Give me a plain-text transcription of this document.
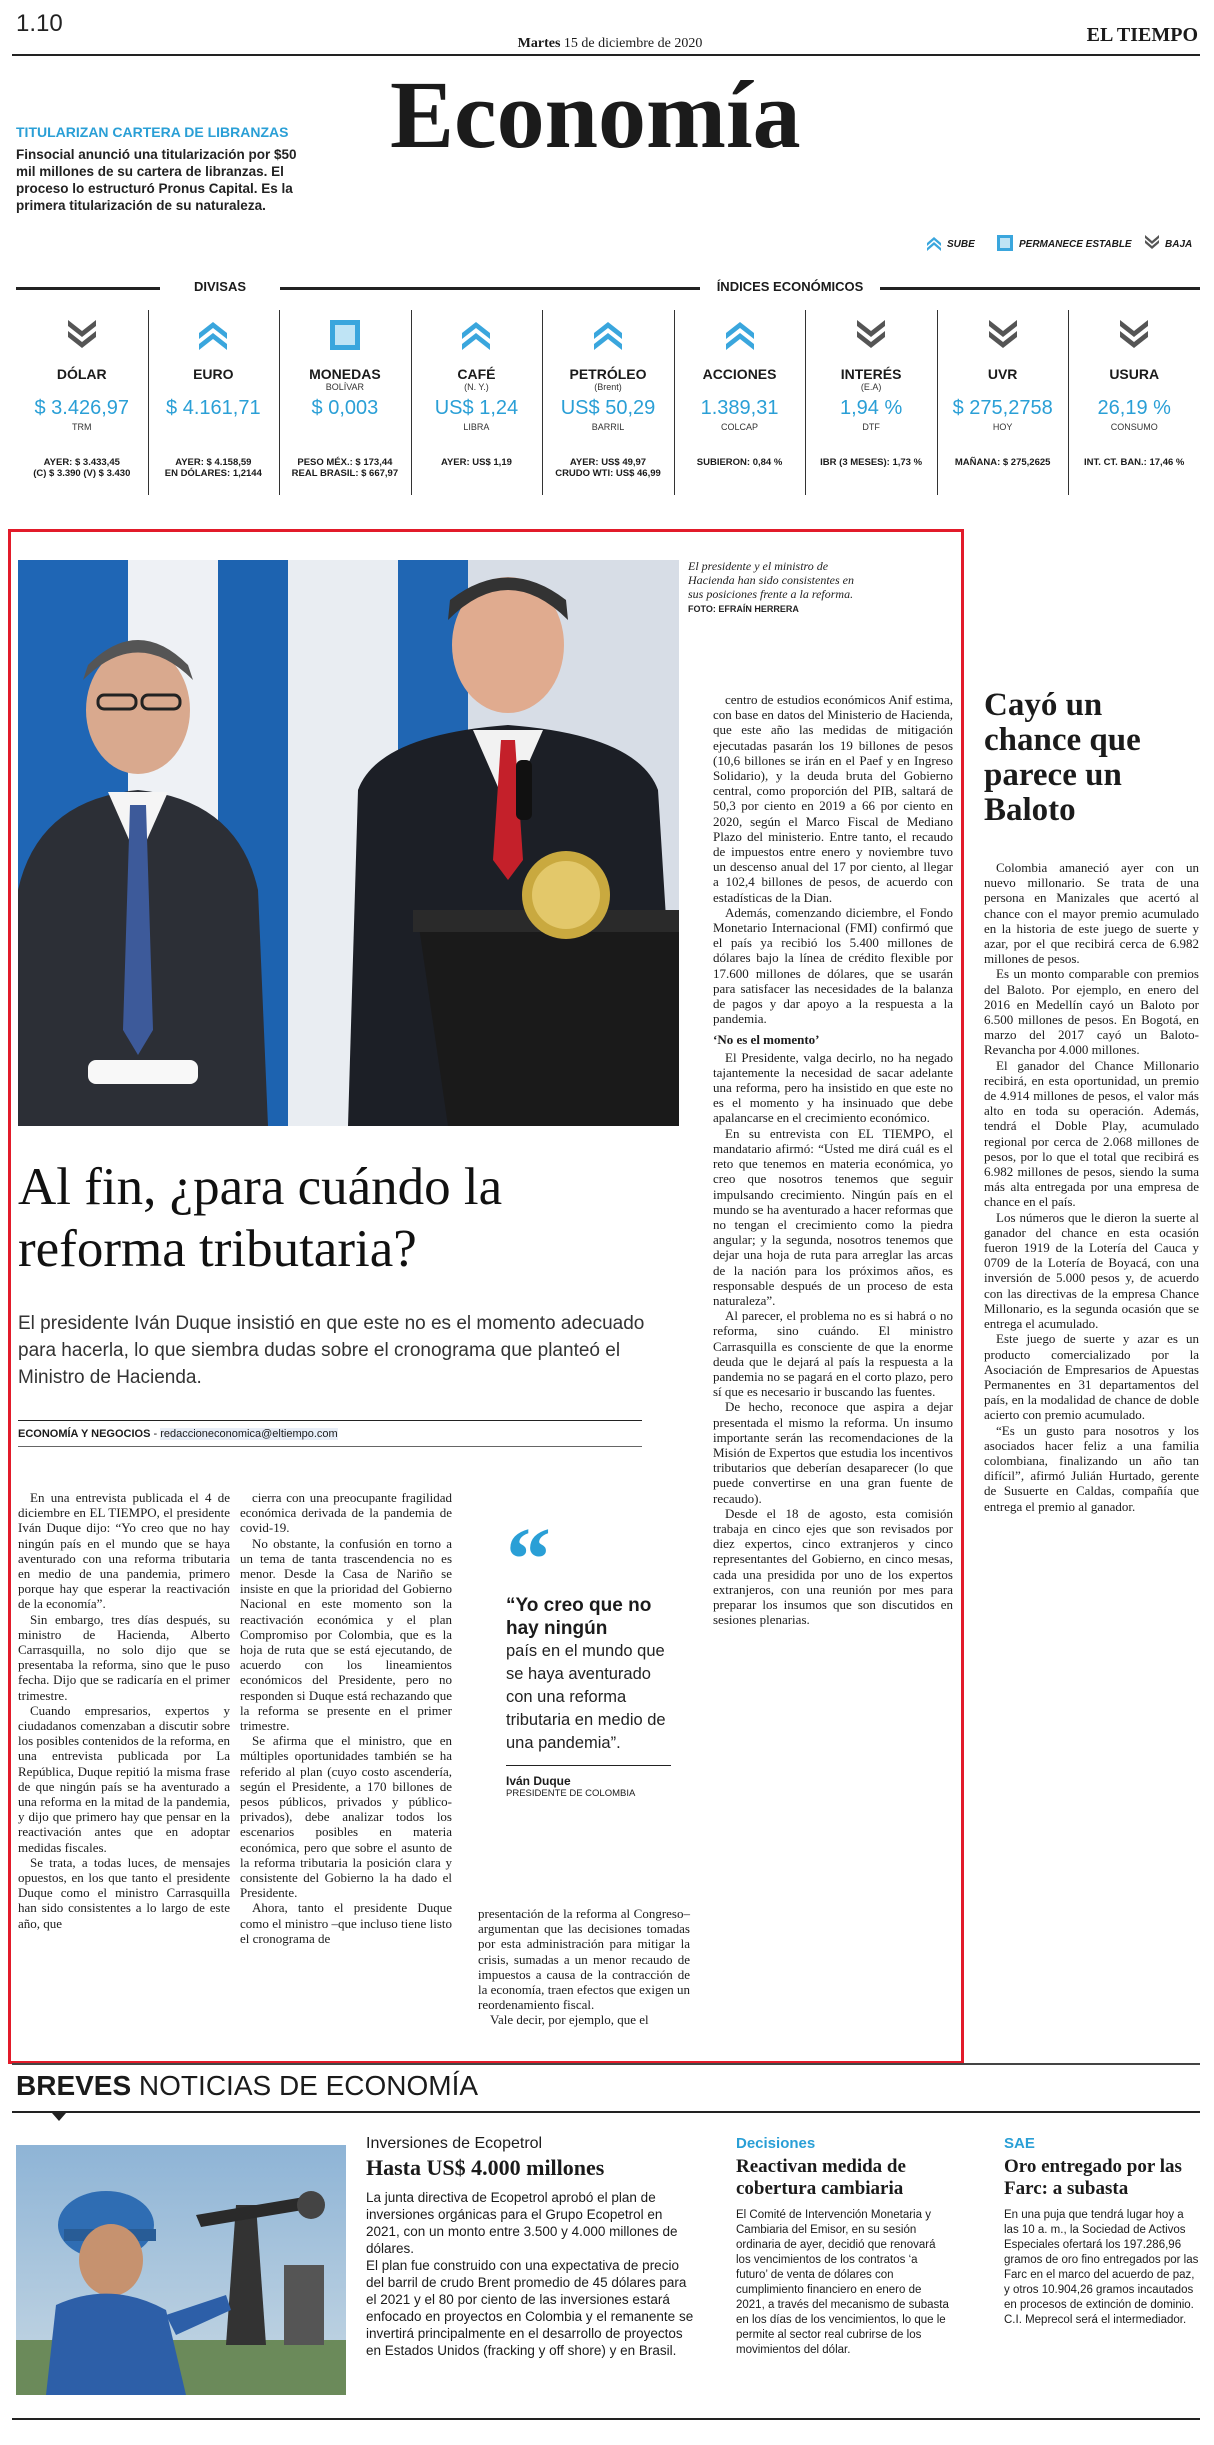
1.10
Martes 15 de diciembre de 2020	EL TIEMPO
Economía
TITULARIZAN CARTERA DE LIBRANZAS
Finsocial anunció una titularización por $50 mil millones de su cartera de libranzas. El proceso lo estructuró Pronus Capital. Es la primera titularización de su naturaleza.
SUBE	PERMANECE ESTABLE	BAJA
DIVISAS	ÍNDICES ECONÓMICOS
DÓLAR
$ 3.426,97
TRM
AYER: $ 3.433,45
(C) $ 3.390 (V) $ 3.430
EURO
$ 4.161,71
AYER: $ 4.158,59
EN DÓLARES: 1,2144
MONEDAS
BOLÍVAR
$ 0,003
PESO MÉX.: $ 173,44
REAL BRASIL: $ 667,97
CAFÉ
(N. Y.)
US$ 1,24
LIBRA
AYER: US$ 1,19
PETRÓLEO
(Brent)
US$ 50,29
BARRIL
AYER: US$ 49,97
CRUDO WTI: US$ 46,99
ACCIONES
1.389,31
COLCAP
SUBIERON: 0,84 %
INTERÉS
(E.A)
1,94 %
DTF
IBR (3 MESES): 1,73 %
UVR
$ 275,2758
HOY
MAÑANA: $ 275,2625
USURA
26,19 %
CONSUMO
INT. CT. BAN.: 17,46 %
El presidente y el ministro de Hacienda han sido consistentes en sus posiciones frente a la reforma. FOTO: EFRAÍN HERRERA
Al fin, ¿para cuándo la reforma tributaria?
El presidente Iván Duque insistió en que este no es el momento adecuado para hacerla, lo que siembra dudas sobre el cronograma que planteó el Ministro de Hacienda.
ECONOMÍA Y NEGOCIOS - redaccioneconomica@eltiempo.com

En una entrevista publicada el 4 de diciembre en EL TIEMPO, el presidente Iván Duque dijo: “Yo creo que no hay ningún país en el mundo que se haya aventurado con una reforma tributaria en medio de una pandemia, primero porque hay que esperar la reactivación de la economía”.

Sin embargo, tres días después, su ministro de Hacienda, Alberto Carrasquilla, no solo dijo que se presentaba la reforma, sino que le puso fecha. Dijo que se radicaría en el primer trimestre.

Cuando empresarios, expertos y ciudadanos comenzaban a discutir sobre los posibles contenidos de la reforma, en una entrevista publicada por La República, Duque repitió la misma frase de que ningún país se ha aventurado a una reforma en la mitad de la pandemia, y dijo que primero hay que pensar en la reactivación antes que en adoptar medidas fiscales.

Se trata, a todas luces, de mensajes opuestos, en los que tanto el presidente Duque como el ministro Carrasquilla han sido consistentes a lo largo de este año, que

cierra con una preocupante fragilidad económica derivada de la pandemia de covid-19.

No obstante, la confusión en torno a un tema de tanta trascendencia no es menor. Desde la Casa de Nariño se insiste en que la prioridad del Gobierno Nacional en este momento son la reactivación económica y el plan Compromiso por Colombia, que es la hoja de ruta que se está ejecutando, de acuerdo con los lineamientos económicos del Presidente, pero no responden si Duque está rechazando que la reforma se presente en el primer trimestre.

Se afirma que el ministro, que en múltiples oportunidades también se ha referido al plan (cuyo costo ascendería, según el Presidente, a 170 billones de pesos públicos, privados y público-privados), debe analizar todos los escenarios posibles en materia económica, pero que sobre el asunto de la reforma tributaria la posición clara y consistente del Gobierno la ha dado el Presidente.

Ahora, tanto el presidente Duque como el ministro –que incluso tiene listo el cronograma de

“
“Yo creo que no hay ningún
país en el mundo que se haya aventurado con una reforma tributaria en medio de una pandemia”.
Iván Duque
PRESIDENTE DE COLOMBIA

presentación de la reforma al Congreso– argumentan que las decisiones tomadas por esta administración para mitigar la crisis, sumadas a un menor recaudo de impuestos a causa de la contracción de la economía, traen efectos que exigen un reordenamiento fiscal.

Vale decir, por ejemplo, que el

centro de estudios económicos Anif estima, con base en datos del Ministerio de Hacienda, que este año las medidas de mitigación ejecutadas pasarán los 19 billones de pesos (10,6 billones se irán en el Paef y en Ingreso Solidario), y la deuda bruta del Gobierno central, como proporción del PIB, saltará de 50,3 por ciento en 2019 a 66 por ciento en 2020, según el Marco Fiscal de Mediano Plazo del ministerio. Entre tanto, el recaudo de impuestos entre enero y noviembre tuvo un descenso anual del 17 por ciento, al llegar a 102,4 billones de pesos, de acuerdo con estadísticas de la Dian.

Además, comenzando diciembre, el Fondo Monetario Internacional (FMI) confirmó que el país ya recibió los 5.400 millones de dólares bajo la línea de crédito flexible por 17.600 millones de dólares, que se usarán para satisfacer las necesidades de la balanza de pagos y dar apoyo a la respuesta a la pandemia.

‘No es el momento’

El Presidente, valga decirlo, no ha negado tajantemente la necesidad de sacar adelante una reforma, pero ha insistido en que este no es el momento y ha insinuado que debe apalancarse en el crecimiento económico.

En su entrevista con EL TIEMPO, el mandatario afirmó: “Usted me dirá cuál es el reto que tenemos en materia económica, yo creo que nosotros tenemos que seguir impulsando crecimiento. Ningún país en el mundo se ha aventurado a hacer reformas que no tengan el crecimiento como la piedra angular; y la segunda, nosotros tenemos que dejar una hoja de ruta para arreglar las arcas de la nación para los próximos años, es responsable después de un proceso de esta naturaleza”.

Al parecer, el problema no es si habrá o no reforma, sino cuándo. El ministro Carrasquilla es consciente de que la enorme deuda que le dejará al país la respuesta a la pandemia no se pagará en el corto plazo, pero sí que es necesario ir buscando las fuentes.

De hecho, reconoce que aspira a dejar presentada el mismo la reforma. Un insumo importante serán las recomendaciones de la Misión de Expertos que estudia los incentivos tributarios que deberían desaparecer (lo que puede convertirse en una gran fuente de recaudo).

Desde el 18 de agosto, esta comisión trabaja en cinco ejes que son revisados por diez expertos, cinco extranjeros y cinco representantes del Gobierno, en cinco mesas, cada una presidida por uno de los expertos extranjeros, con una reunión por mes para preparar los insumos que son discutidos en sesiones plenarias.

Cayó un chance que parece un Baloto

Colombia amaneció ayer con un nuevo millonario. Se trata de una persona en Manizales que acertó al chance con el mayor premio acumulado en la historia de este juego de suerte y azar, por el que recibirá cerca de 6.982 millones de pesos.

Es un monto comparable con premios del Baloto. Por ejemplo, en enero del 2016 en Medellín cayó un Baloto por 6.500 millones de pesos. En Bogotá, en marzo del 2017 cayó un Baloto-Revancha por 4.000 millones.

El ganador del Chance Millonario recibirá, en esta oportunidad, un premio de 4.914 millones de pesos, el valor más alto en toda su operación. Además, tendrá el Doble Play, acumulado regional por cerca de 2.068 millones de pesos, por lo que el total que recibirá es 6.982 millones de pesos, siendo la suma más alta entregada por una empresa de chance en el país.

Los números que le dieron la suerte al ganador del chance en esta ocasión fueron 1919 de la Lotería del Cauca y 0709 de la Lotería de Boyacá, con una inversión de 5.000 pesos y, de acuerdo con las directivas de la empresa Chance Millonario, es la segunda ocasión que se entrega el acumulado.

Este juego de suerte y azar es un producto comercializado por la Asociación de Empresarios de Apuestas Permanentes en 31 departamentos del país, en la modalidad de chance de doble acierto con premio acumulado.

“Es un gusto para nosotros y los asociados hacer feliz a una familia colombiana, finalizando un año tan difícil”, afirmó Julián Hurtado, gerente de Susuerte en Caldas, compañía que entrega el premio al ganador.

BREVES NOTICIAS DE ECONOMÍA
Inversiones de Ecopetrol
Hasta US$ 4.000 millones
La junta directiva de Ecopetrol aprobó el plan de inversiones orgánicas para el Grupo Ecopetrol en 2021, con un monto entre 3.500 y 4.000 millones de dólares.
El plan fue construido con una expectativa de precio del barril de crudo Brent promedio de 45 dólares para el 2021 y el 80 por ciento de las inversiones estará enfocado en proyectos en Colombia y el remanente se invertirá principalmente en el desarrollo de proyectos en Estados Unidos (fracking y off shore) y en Brasil.
Decisiones
Reactivan medida de cobertura cambiaria
El Comité de Intervención Monetaria y Cambiaria del Emisor, en su sesión ordinaria de ayer, decidió que renovará los vencimientos de los contratos ‘a futuro’ de venta de dólares con cumplimiento financiero en enero de 2021, a través del mecanismo de subasta en los días de los vencimientos, lo que le permite al sector real cubrirse de los movimientos del dólar.
SAE
Oro entregado por las Farc: a subasta
En una puja que tendrá lugar hoy a las 10 a. m., la Sociedad de Activos Especiales ofertará los 197.286,96 gramos de oro fino entregados por las Farc en el marco del acuerdo de paz, y otros 10.904,26 gramos incautados en procesos de extinción de dominio. C.I. Meprecol será el intermediador.
